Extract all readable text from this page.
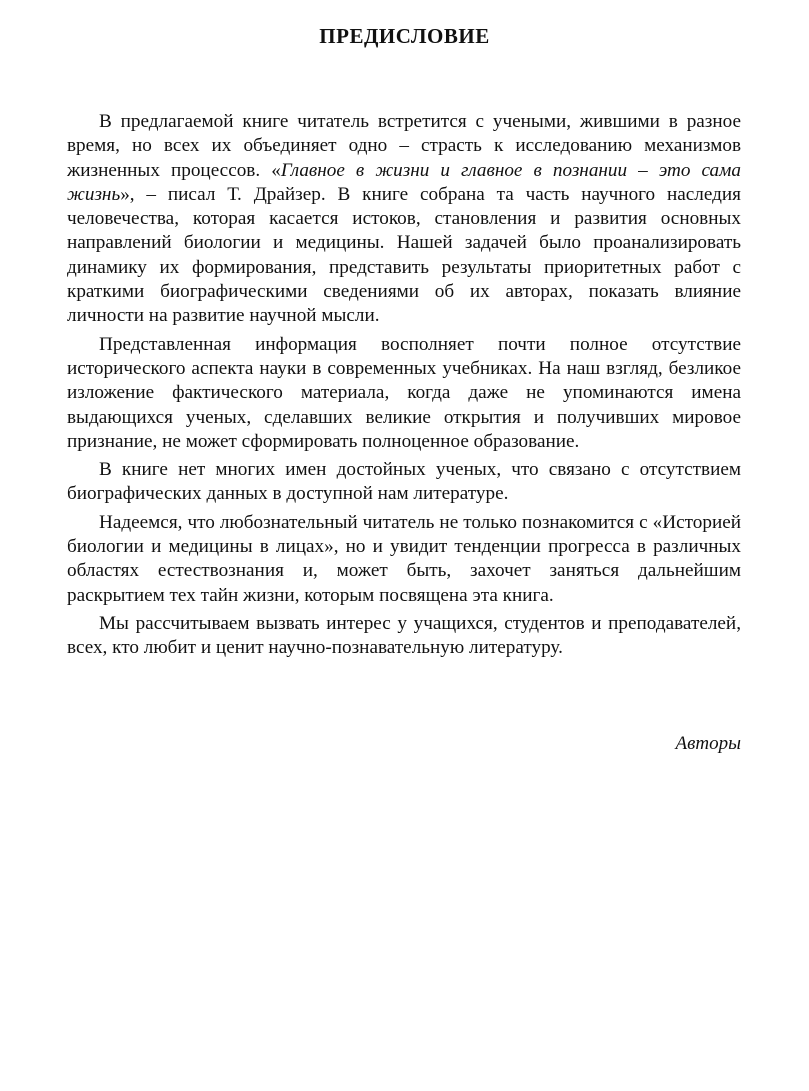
ПРЕДИСЛОВИЕ

В предлагаемой книге читатель встретится с учеными, жившими в разное время, но всех их объединяет одно – страсть к исследованию механизмов жизненных процессов. «Главное в жизни и главное в познании – это сама жизнь», – писал Т. Драйзер. В книге собрана та часть научного наследия человечества, которая касается истоков, становления и развития основных направлений биологии и медицины. Нашей задачей было проанализировать динамику их формирования, представить результаты приоритетных работ с краткими биографическими сведениями об их авторах, показать влияние личности на развитие научной мысли.

Представленная информация восполняет почти полное отсутствие исторического аспекта науки в современных учебниках. На наш взгляд, безликое изложение фактического материала, когда даже не упоминаются имена выдающихся ученых, сделавших великие открытия и получивших мировое признание, не может сформировать полноценное образование.

В книге нет многих имен достойных ученых, что связано с отсутствием биографических данных в доступной нам литературе.

Надеемся, что любознательный читатель не только познакомится с «Историей биологии и медицины в лицах», но и увидит тенденции прогресса в различных областях естествознания и, может быть, захочет заняться дальнейшим раскрытием тех тайн жизни, которым посвящена эта книга.

Мы рассчитываем вызвать интерес у учащихся, студентов и преподавателей, всех, кто любит и ценит научно-познавательную литературу.

Авторы
